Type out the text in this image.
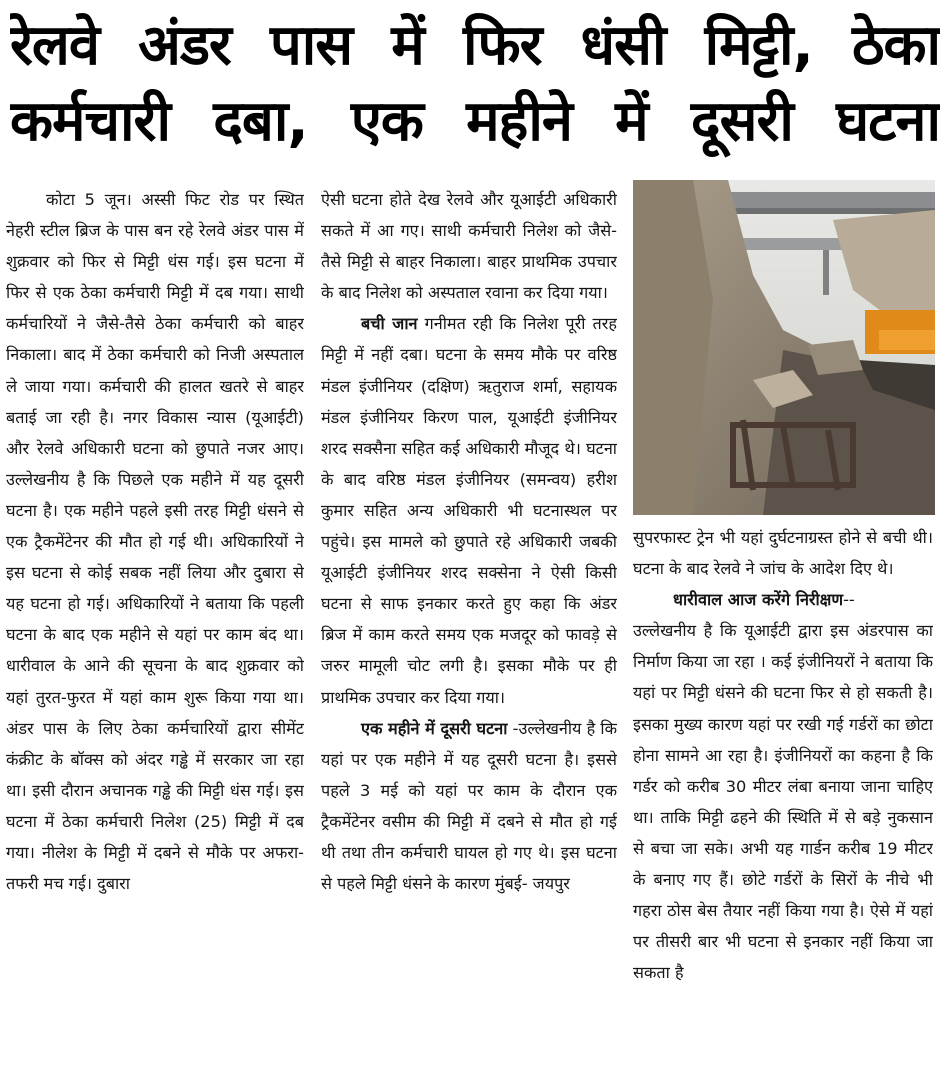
रेलवे अंडर पास में फिर धंसी मिट्टी, ठेका
कर्मचारी दबा, एक महीने में दूसरी घटना

कोटा 5 जून। अस्सी फिट रोड पर स्थित नेहरी स्टील ब्रिज के पास बन रहे रेलवे अंडर पास में शुक्रवार को फिर से मिट्टी धंस गई। इस घटना में फिर से एक ठेका कर्मचारी मिट्टी में दब गया। साथी कर्मचारियों ने जैसे-तैसे ठेका कर्मचारी को बाहर निकाला। बाद में ठेका कर्मचारी को निजी अस्पताल ले जाया गया। कर्मचारी की हालत खतरे से बाहर बताई जा रही है। नगर विकास न्यास (यूआईटी) और रेलवे अधिकारी घटना को छुपाते नजर आए। उल्लेखनीय है कि पिछले एक महीने में यह दूसरी घटना है। एक महीने पहले इसी तरह मिट्टी धंसने से एक ट्रैकमेंटेनर की मौत हो गई थी। अधिकारियों ने इस घटना से कोई सबक नहीं लिया और दुबारा से यह घटना हो गई। अधिकारियों ने बताया कि पहली घटना के बाद एक महीने से यहां पर काम बंद था। धारीवाल के आने की सूचना के बाद शुक्रवार को यहां तुरत-फुरत में यहां काम शुरू किया गया था। अंडर पास के लिए ठेका कर्मचारियों द्वारा सीमेंट कंक्रीट के बॉक्स को अंदर गड्ढे में सरकार जा रहा था। इसी दौरान अचानक गड्ढे की मिट्टी धंस गई। इस घटना में ठेका कर्मचारी निलेश (25) मिट्टी में दब गया। नीलेश के मिट्टी में दबने से मौके पर अफरा-तफरी मच गई। दुबारा

ऐसी घटना होते देख रेलवे और यूआईटी अधिकारी सकते में आ गए। साथी कर्मचारी निलेश को जैसे-तैसे मिट्टी से बाहर निकाला। बाहर प्राथमिक उपचार के बाद निलेश को अस्पताल रवाना कर दिया गया।

बची जान गनीमत रही कि निलेश पूरी तरह मिट्टी में नहीं दबा। घटना के समय मौके पर वरिष्ठ मंडल इंजीनियर (दक्षिण) ऋतुराज शर्मा, सहायक मंडल इंजीनियर किरण पाल, यूआईटी इंजीनियर शरद सक्सैना सहित कई अधिकारी मौजूद थे। घटना के बाद वरिष्ठ मंडल इंजीनियर (समन्वय) हरीश कुमार सहित अन्य अधिकारी भी घटनास्थल पर पहुंचे। इस मामले को छुपाते रहे अधिकारी जबकी यूआईटी इंजीनियर शरद सक्सेना ने ऐसी किसी घटना से साफ इनकार करते हुए कहा कि अंडर ब्रिज में काम करते समय एक मजदूर को फावड़े से जरुर मामूली चोट लगी है। इसका मौके पर ही प्राथमिक उपचार कर दिया गया।

एक महीने में दूसरी घटना -उल्लेखनीय है कि यहां पर एक महीने में यह दूसरी घटना है। इससे पहले 3 मई को यहां पर काम के दौरान एक ट्रैकमेंटेनर वसीम की मिट्टी में दबने से मौत हो गई थी तथा तीन कर्मचारी घायल हो गए थे। इस घटना से पहले मिट्टी धंसने के कारण मुंबई- जयपुर

सुपरफास्ट ट्रेन भी यहां दुर्घटनाग्रस्त होने से बची थी। घटना के बाद रेलवे ने जांच के आदेश दिए थे।

धारीवाल आज करेंगे निरीक्षण--

उल्लेखनीय है कि यूआईटी द्वारा इस अंडरपास का निर्माण किया जा रहा । कई इंजीनियरों ने बताया कि यहां पर मिट्टी धंसने की घटना फिर से हो सकती है। इसका मुख्य कारण यहां पर रखी गई गर्डरों का छोटा होना सामने आ रहा है। इंजीनियरों का कहना है कि गर्डर को करीब 30 मीटर लंबा बनाया जाना चाहिए था। ताकि मिट्टी ढहने की स्थिति में से बड़े नुकसान से बचा जा सके। अभी यह गार्डन करीब 19 मीटर के बनाए गए हैं। छोटे गर्डरों के सिरों के नीचे भी गहरा ठोस बेस तैयार नहीं किया गया है। ऐसे में यहां पर तीसरी बार भी घटना से इनकार नहीं किया जा सकता है
